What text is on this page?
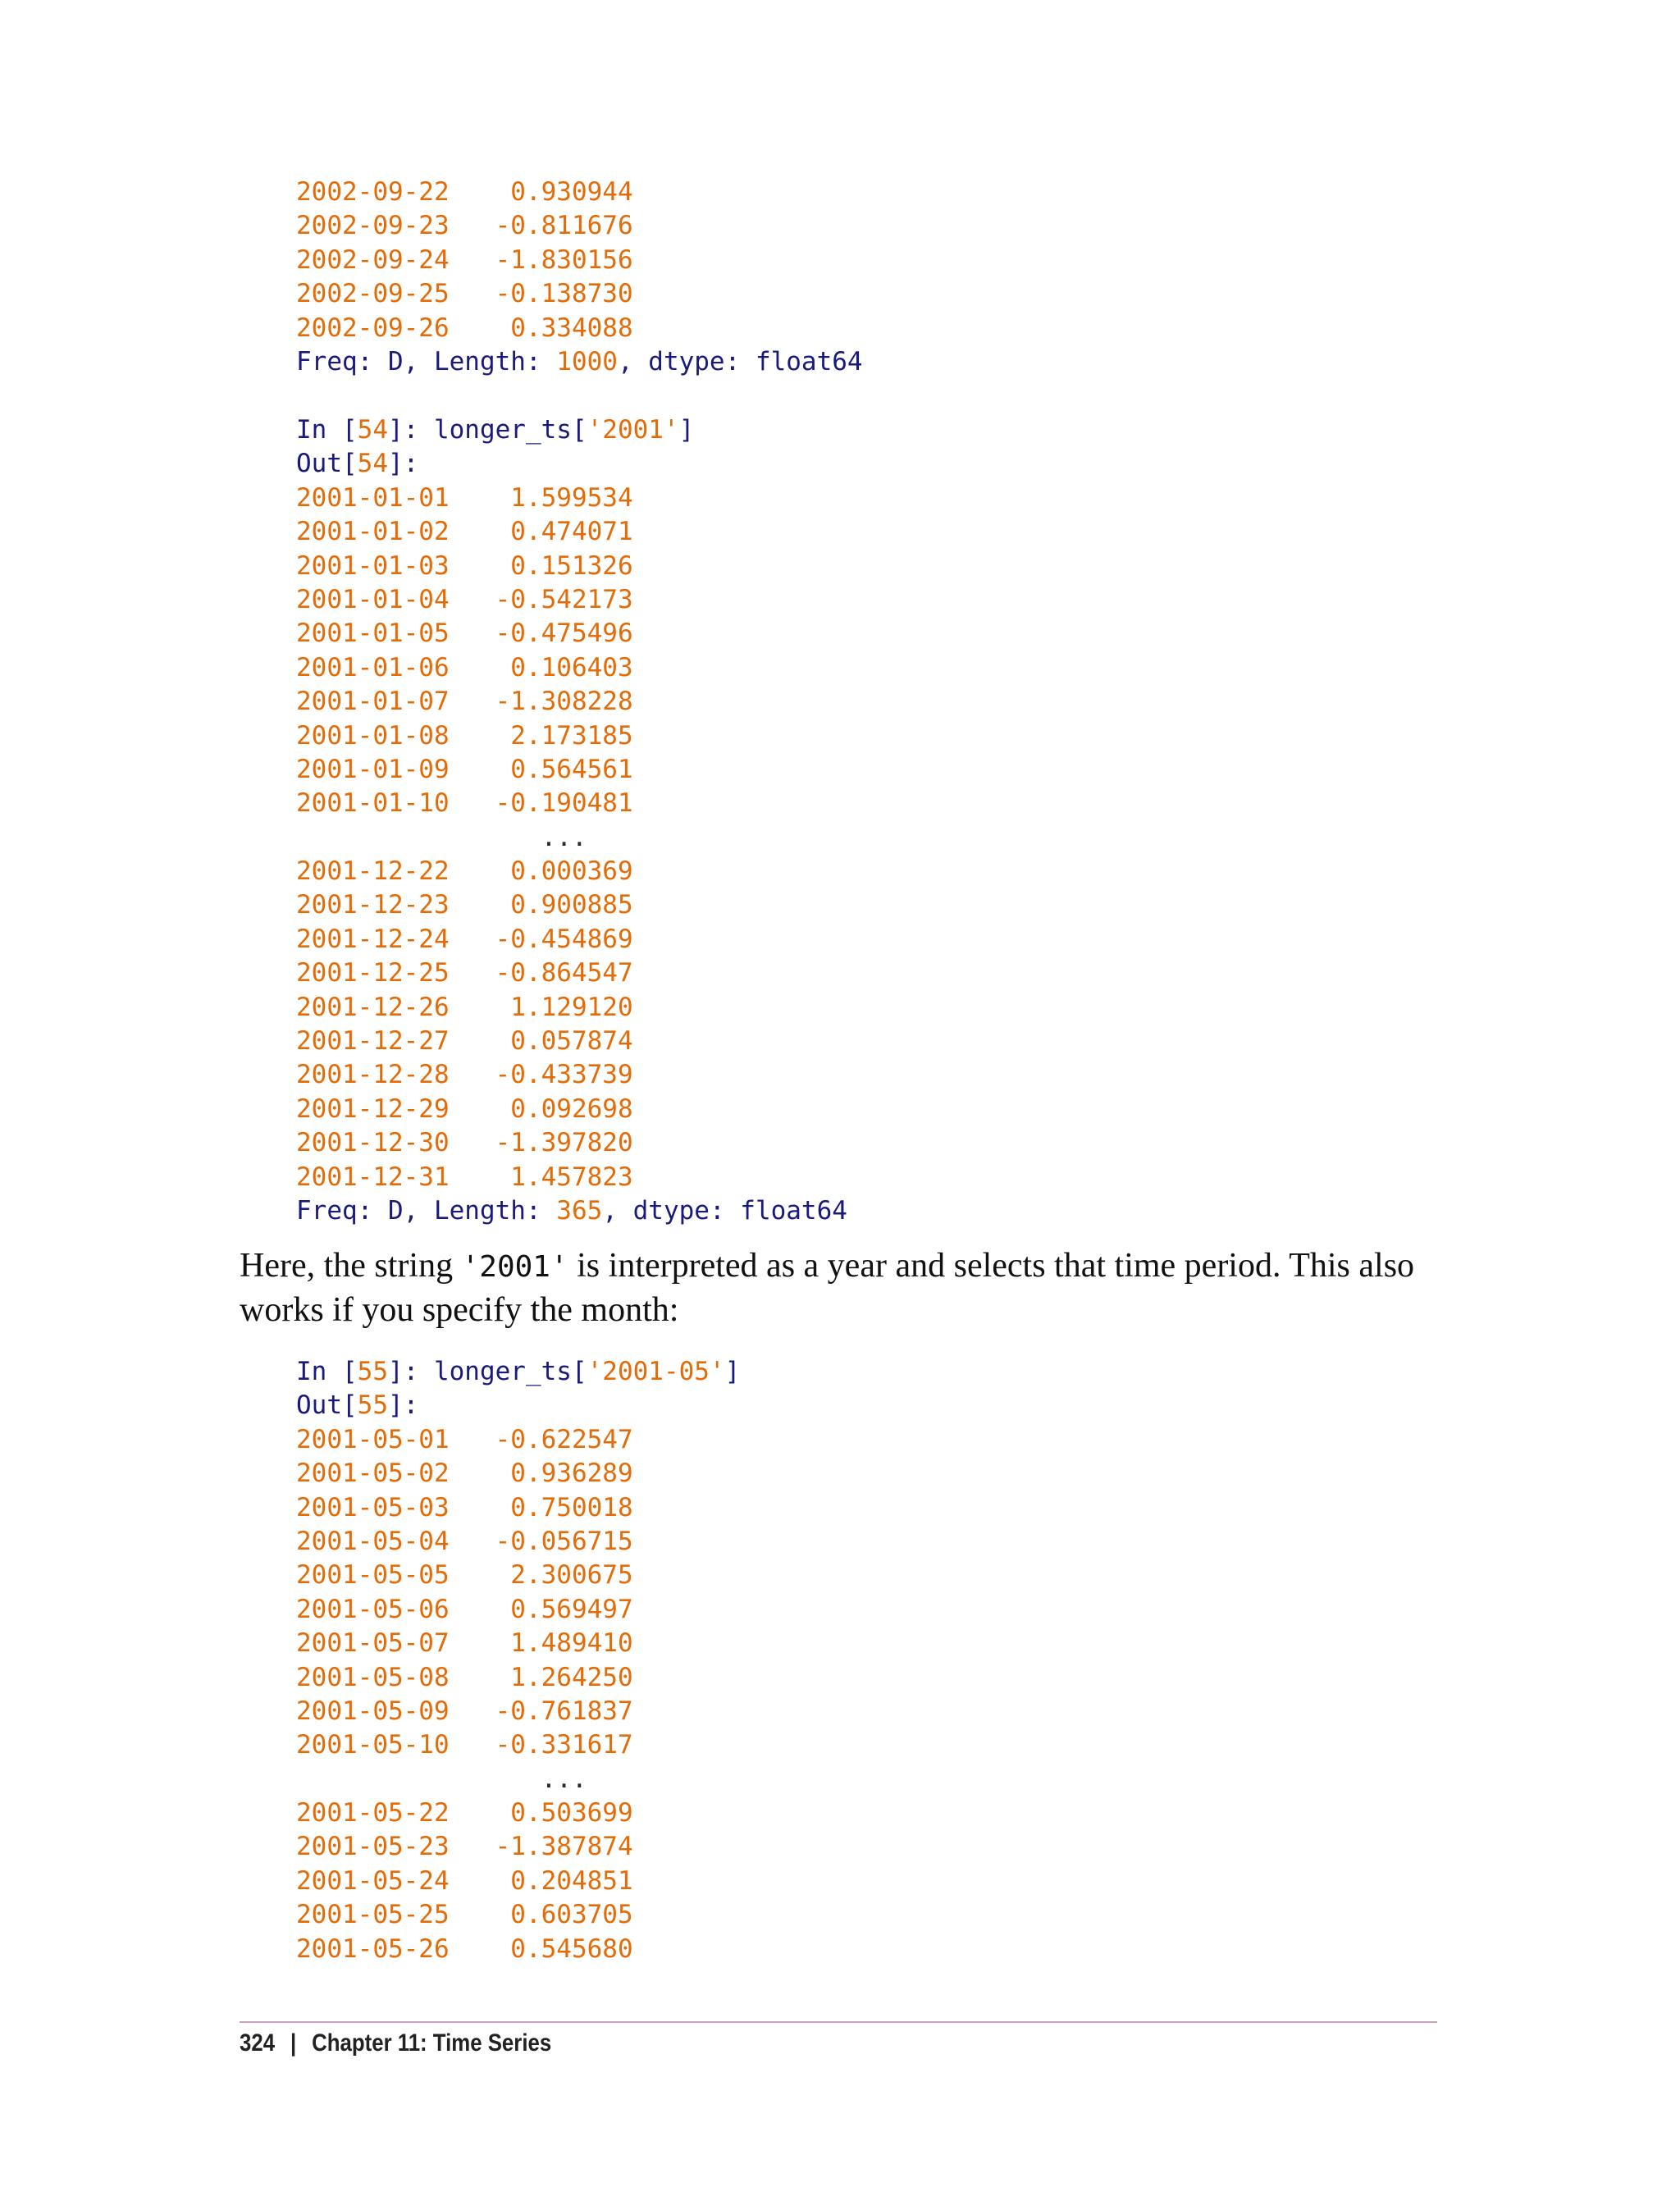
2002-09-22 0.930944
2002-09-23 -0.811676
2002-09-24 -1.830156
2002-09-25 -0.138730
2002-09-26 0.334088
Freq: D, Length: 1000, dtype: float64
In [54]: longer_ts['2001']
Out[54]:
2001-01-01 1.599534
2001-01-02 0.474071
2001-01-03 0.151326
2001-01-04 -0.542173
2001-01-05 -0.475496
2001-01-06 0.106403
2001-01-07 -1.308228
2001-01-08 2.173185
2001-01-09 0.564561
2001-01-10 -0.190481
...
2001-12-22 0.000369
2001-12-23 0.900885
2001-12-24 -0.454869
2001-12-25 -0.864547
2001-12-26 1.129120
2001-12-27 0.057874
2001-12-28 -0.433739
2001-12-29 0.092698
2001-12-30 -1.397820
2001-12-31 1.457823
Freq: D, Length: 365, dtype: float64

Here, the string '2001' is interpreted as a year and selects that time period. This also works if you specify the month:

In [55]: longer_ts['2001-05']
Out[55]:
2001-05-01 -0.622547
2001-05-02 0.936289
2001-05-03 0.750018
2001-05-04 -0.056715
2001-05-05 2.300675
2001-05-06 0.569497
2001-05-07 1.489410
2001-05-08 1.264250
2001-05-09 -0.761837
2001-05-10 -0.331617
...
2001-05-22 0.503699
2001-05-23 -1.387874
2001-05-24 0.204851
2001-05-25 0.603705
2001-05-26 0.545680
324 | Chapter 11: Time Series
